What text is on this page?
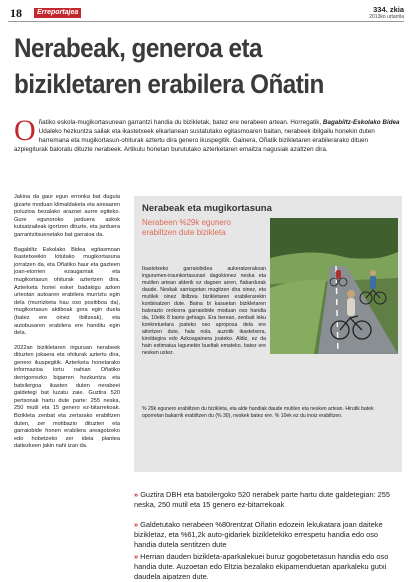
18	Erreportajea	334. zkia
2013ko urtarrila
Nerabeak, generoa eta bizikletaren erabilera Oñatin
O ñatiko eskola-mugikortasunean garrantzi handia du bizikletak, batez ere nerabeen artean. Horregatik, Bagabiltz-Eskolako Bidea Udaleko hezkuntza sailak eta ikastetxeek elkarlanean sustatutako egitasmoaren baitan, nerabeek ibilgailu honekin duten harremana eta mugikortasun-ohiturak aztertu dira genero ikuspegitik. Gainera, Oñatik bizikletaren erabilerarako dituen azpiegiturak baloratu dituzte nerabeek. Artikulu honetan burututako azterketaren emaitza nagusiak azaltzen dira.

Jakina da gaur egun erronka bat duguia gizarte moduan klimaldaketa eta aireaaren poluzioa bezalako arazoei aurre egiteko. Gure egunoroko jarduera askok kutsatzaileak igortzen dituzte, eta jarduera garrantzitsuenetako bat garraioa da.

Bagabiltz Eskolako Bidea egitasmoan ikastetxeekin lotutako mugikortasuna jorratzen da, eta Oñatiko haur eta gazteen joan-etorrien ezaugarriak eta mugikortasun ohiturak aztertzen dira. Azterketa horiei esker badakigu azken urteotan autoaren erabilera murriztu egin dela (murrizketa hau oso positiboa da), mugikortasun aktiboak gora egin duela (batez ere oinez ibiltzeak), eta autobusaren erabilera ere handitu egin dela.

2022an bizikletaren inguruan nerabeek dituzten jokaera eta ohiturak aztertu dira, genero ikuspegitik. Azterketa honetarako informazioa lortu nahian Oñatiko derrigorrezko bigarren hezkuntza eta batxilergoa ikasten duten nerabeei galdetegi bat luzatu zaie. Guztira 520 pertsonak hartu dute parte: 255 neska, 250 mutil eta 15 genero ez-bitarrekoak. Bizikleta zenbat eta zertarako erabiltzen duten, zer motibazio dituzten eta garraiobide honen erabilera areagotzeko edo hobetzeko zer ideia plantea daitezkeen jakin nahi izan da.

Nerabeak eta mugikortasuna
Nerabeen %29k egunero erabiltzen dute bizikleta
Ikastetxeko garraiobidea aukeratzerakoan ingurumen-iraunkortasunari dagokionez neska eta mutilen artean alderik ez dagoen arren, ñabardurak daude. Neskak sarriagotan mugitzen dira oinez, eta mutilek oinez ibiltzea bizikletaren erabilerarekin konbinatzen dute. Baina bi kasuetan bizikletaren balorazio orokorra garraiobide moduan oso handia da, 10etik 8 baino gehiago. Era berean, zenbait leku konkretuetara joateko oso aproposa dela ere aitortzen dute, hala nola, auzotik ikastetxera, kiroldegira edo Azkoagainera joateko. Aldiz, ez da hain estimatua lagunekin bueltak emateko, batez ere nesken ustez.
% 29k egunero erabiltzen du bizikleta, eta alde handiak daude mutilen eta nesken artean. Hirutik batek oporretan bakarrik erabiltzen du (% 30), neskek batez ere. % 10ek ez du inoiz erabiltzen.
» Guztira DBH eta batxilergoko 520 nerabek parte hartu dute galdetegian: 255 neska, 250 mutil eta 15 genero ez-bitarrekoak
» Galdetutako nerabeen %80rentzat Oñatin edozein lekukatara joan daiteke bizikletaz, eta %61,2k auto-gidariek bizikletekiko errespetu handia edo oso handia dutela sentitzen dute
» Herrian dauden bizikleta-aparkalekuei buruz gogobetetasun handia edo oso handia dute. Auzoetan edo Eltzia bezalako ekipamenduetan aparkaleku gutxi daudela aipatzen dute.
